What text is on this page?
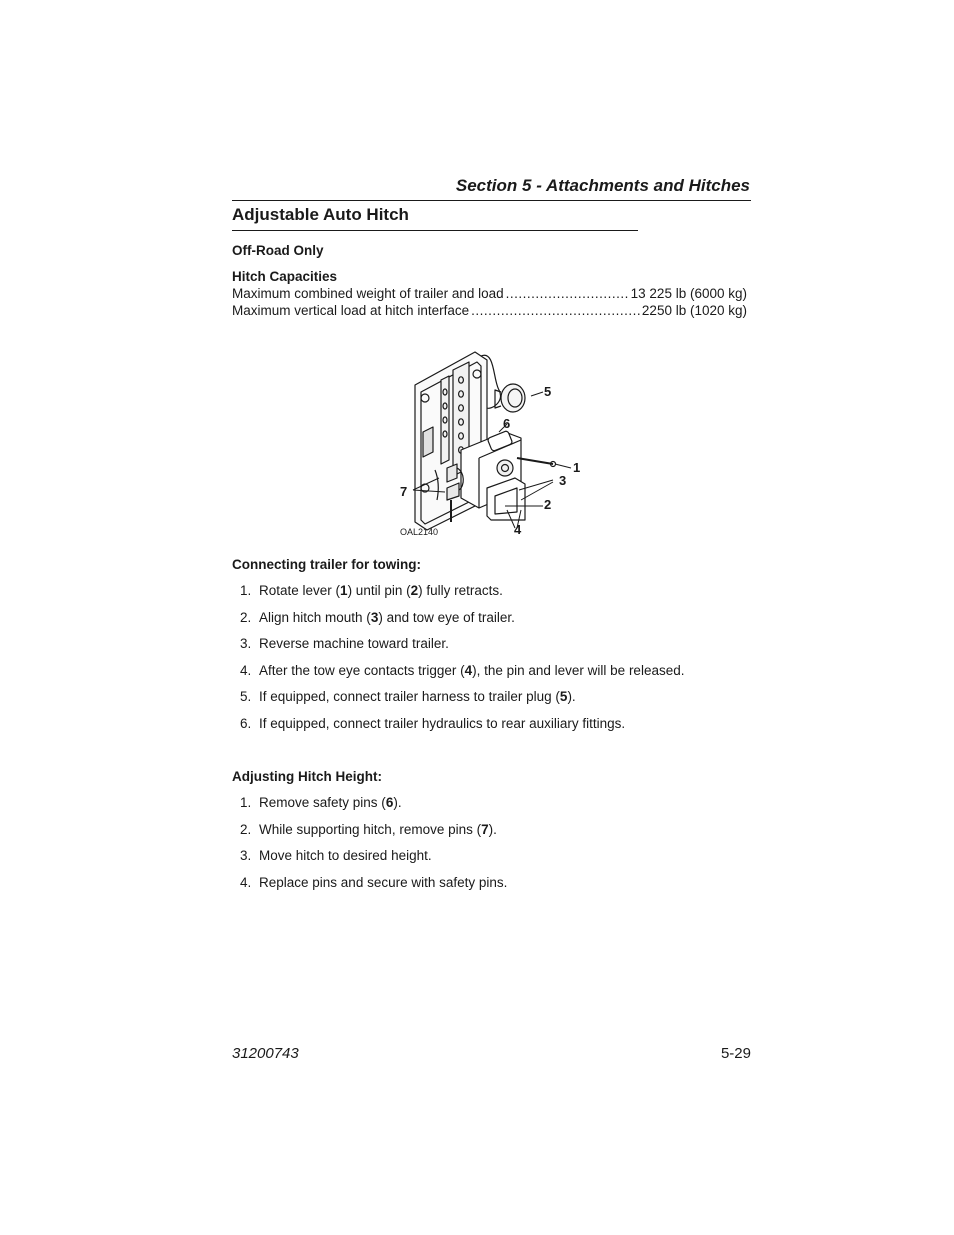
Section 5 - Attachments and Hitches
Adjustable Auto Hitch
Off-Road Only
Hitch Capacities
Maximum combined weight of trailer and load .....	13 225 lb (6000 kg)
Maximum vertical load at hitch interface .....	2250 lb (1020 kg)
5
6
1
3
2
7
4
OAL2140
Connecting trailer for towing:
1. Rotate lever (1) until pin (2) fully retracts.
2. Align hitch mouth (3) and tow eye of trailer.
3. Reverse machine toward trailer.
4. After the tow eye contacts trigger (4), the pin and lever will be released.
5. If equipped, connect trailer harness to trailer plug (5).
6. If equipped, connect trailer hydraulics to rear auxiliary fittings.
Adjusting Hitch Height:
1. Remove safety pins (6).
2. While supporting hitch, remove pins (7).
3. Move hitch to desired height.
4. Replace pins and secure with safety pins.
31200743	5-29
